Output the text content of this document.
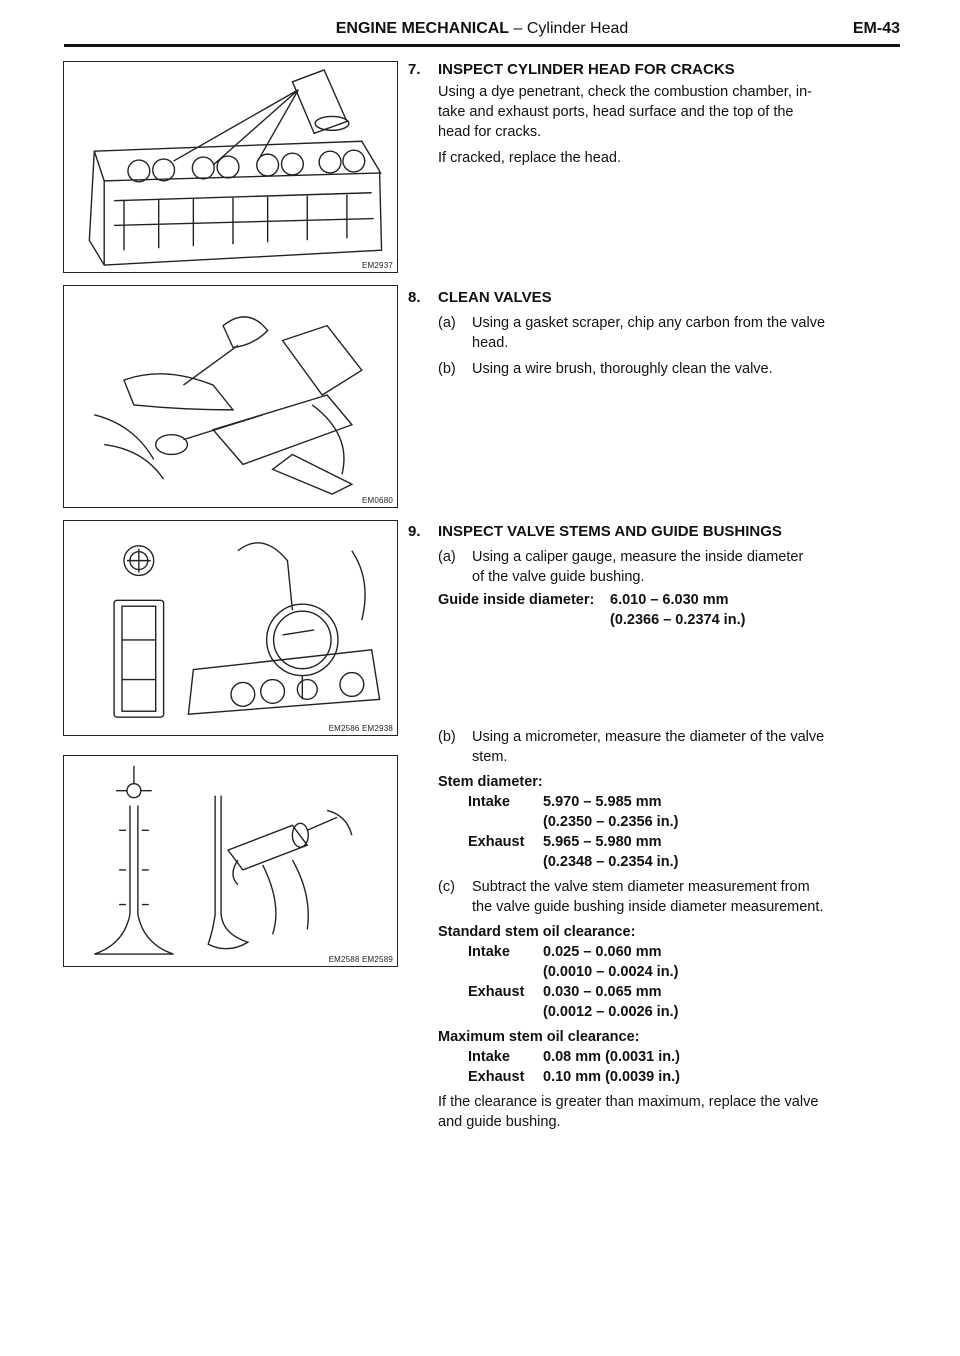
ENGINE MECHANICAL – Cylinder Head	EM-43
EM2937
EM0680
EM2586 EM2938
EM2588 EM2589
7. INSPECT CYLINDER HEAD FOR CRACKS
Using a dye penetrant, check the combustion chamber, in-
take and exhaust ports, head surface and the top of the
head for cracks.
If cracked, replace the head.
8. CLEAN VALVES
(a) Using a gasket scraper, chip any carbon from the valve
head.
(b) Using a wire brush, thoroughly clean the valve.
9. INSPECT VALVE STEMS AND GUIDE BUSHINGS
(a) Using a caliper gauge, measure the inside diameter
of the valve guide bushing.
Guide inside diameter: 6.010 – 6.030 mm
(0.2366 – 0.2374 in.)
(b) Using a micrometer, measure the diameter of the valve
stem.
Stem diameter:
Intake 5.970 – 5.985 mm
(0.2350 – 0.2356 in.)
Exhaust 5.965 – 5.980 mm
(0.2348 – 0.2354 in.)
(c) Subtract the valve stem diameter measurement from
the valve guide bushing inside diameter measurement.
Standard stem oil clearance:
Intake 0.025 – 0.060 mm
(0.0010 – 0.0024 in.)
Exhaust 0.030 – 0.065 mm
(0.0012 – 0.0026 in.)
Maximum stem oil clearance:
Intake 0.08 mm (0.0031 in.)
Exhaust 0.10 mm (0.0039 in.)
If the clearance is greater than maximum, replace the valve
and guide bushing.
